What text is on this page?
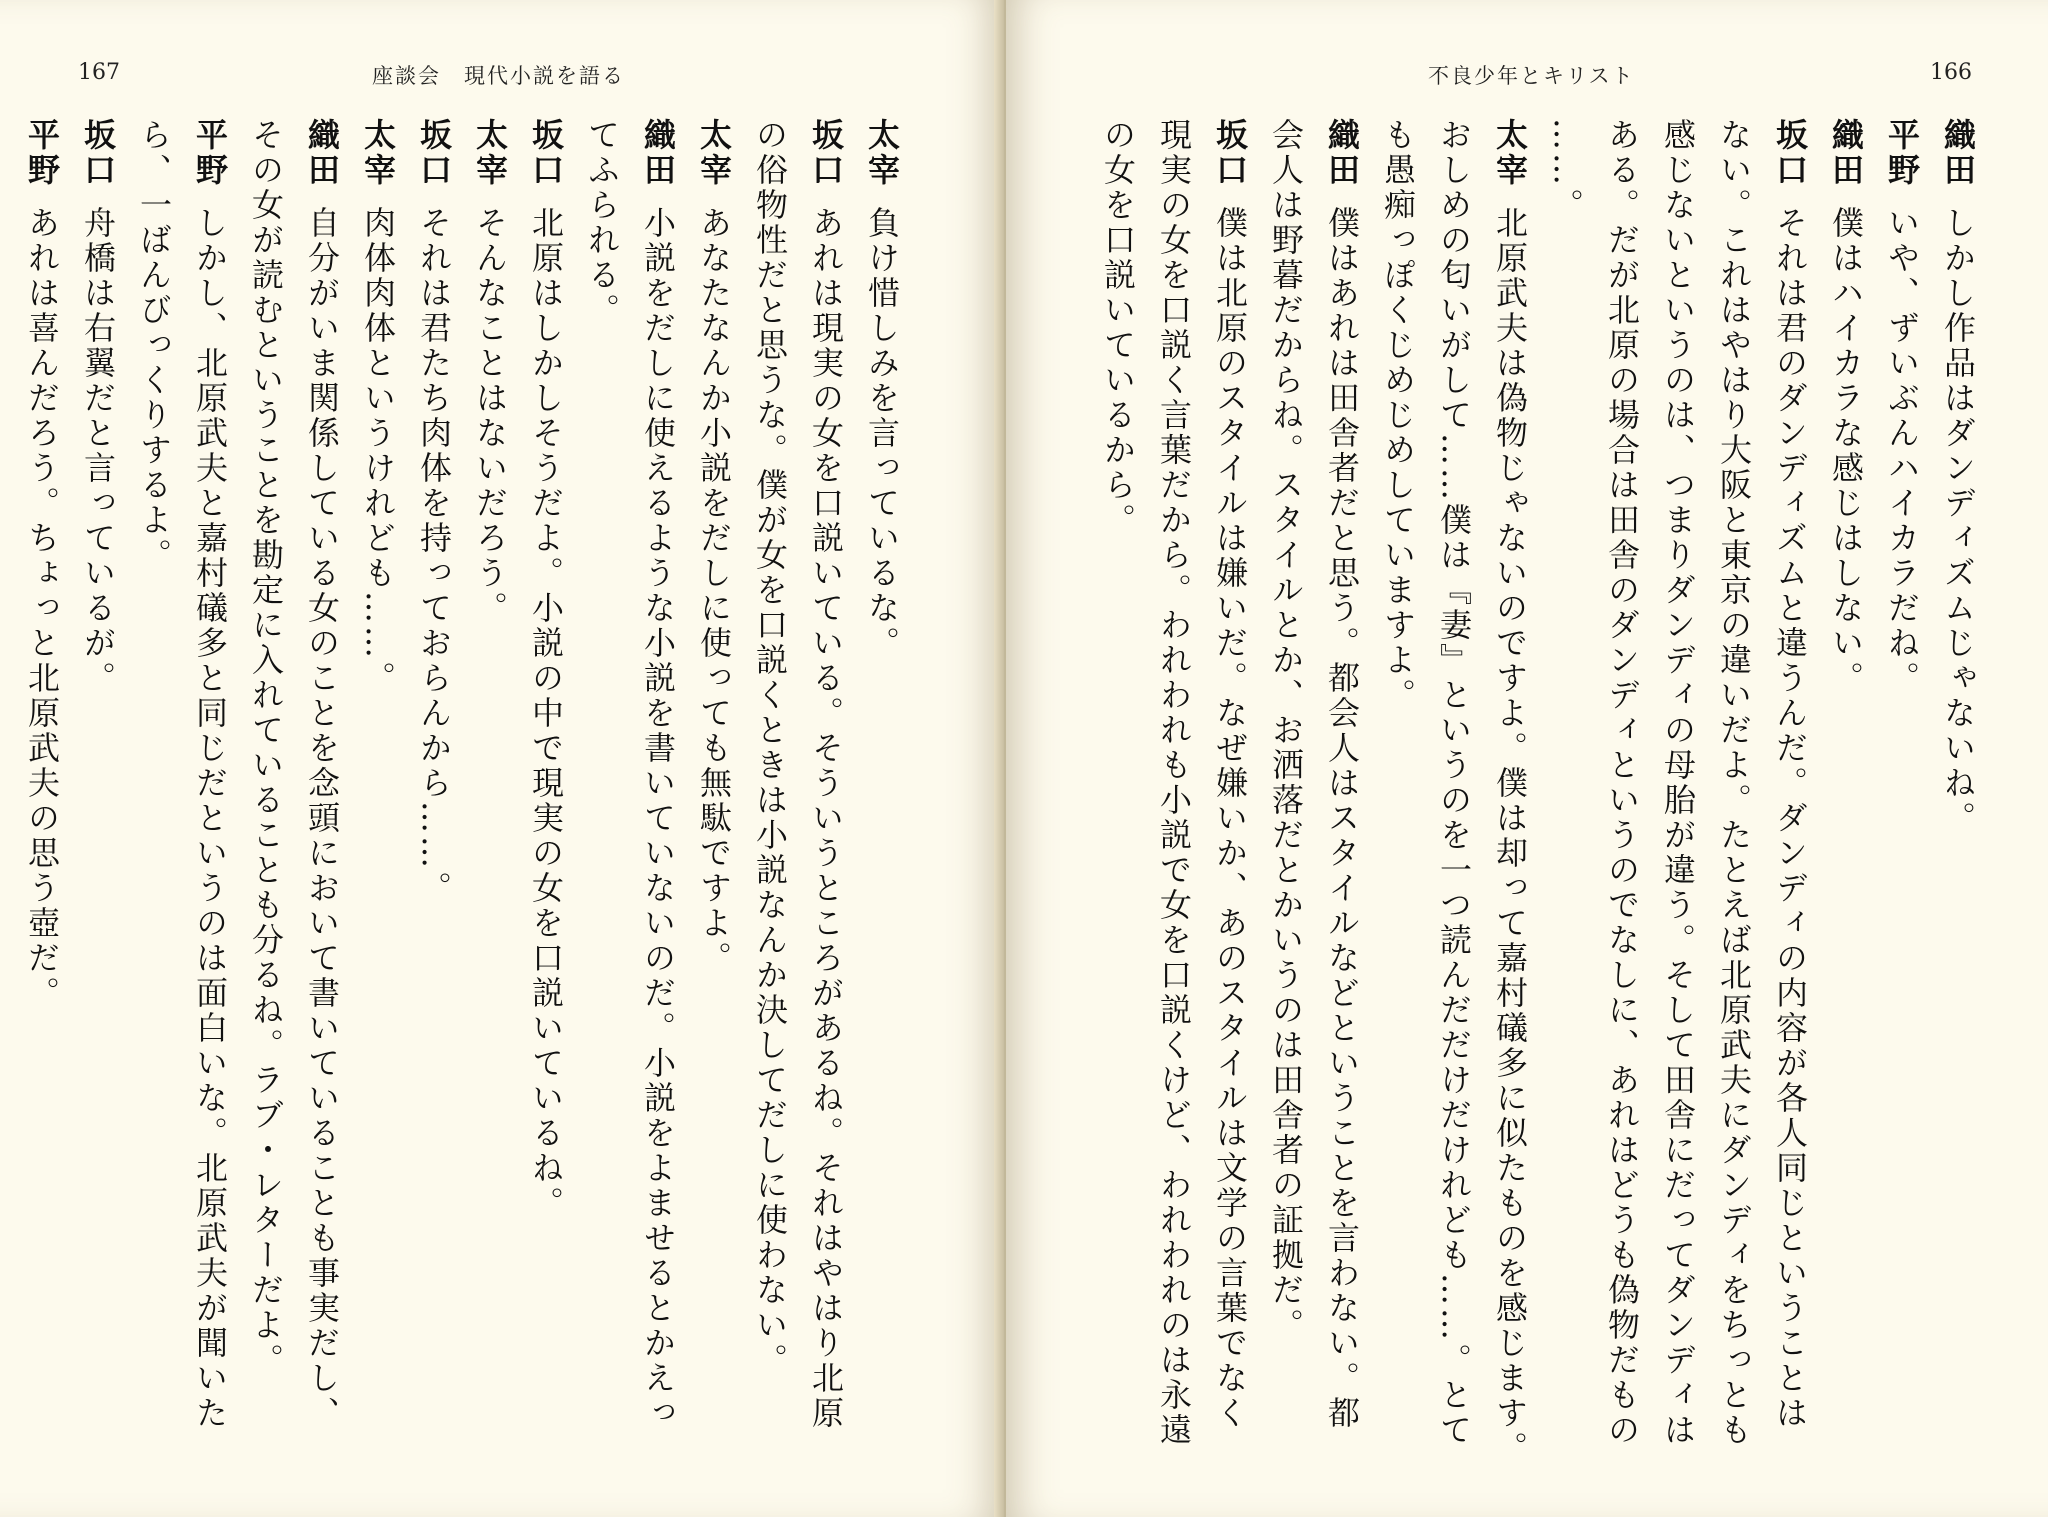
167	座談会　現代小説を語る
太宰負け惜しみを言っているな。
坂口あれは現実の女を口説いている。そういうところがあるね。それはやはり北原
の俗物性だと思うな。僕が女を口説くときは小説なんか決してだしに使わない。
太宰あなたなんか小説をだしに使っても無駄ですよ。
織田小説をだしに使えるような小説を書いていないのだ。小説をよませるとかえっ
てふられる。
坂口北原はしかしそうだよ。小説の中で現実の女を口説いているね。
太宰そんなことはないだろう。
坂口それは君たち肉体を持っておらんから……。
太宰肉体肉体というけれども……。
織田自分がいま関係している女のことを念頭において書いていることも事実だし、
その女が読むということを勘定に入れていることも分るね。ラブ・レターだよ。
平野しかし、北原武夫と嘉村礒多と同じだというのは面白いな。北原武夫が聞いた
ら、一ばんびっくりするよ。
坂口舟橋は右翼だと言っているが。
平野あれは喜んだろう。ちょっと北原武夫の思う壺だ。
不良少年とキリスト	166
織田しかし作品はダンディズムじゃないね。
平野いや、ずいぶんハイカラだね。
織田僕はハイカラな感じはしない。
坂口それは君のダンディズムと違うんだ。ダンディの内容が各人同じということは
ない。これはやはり大阪と東京の違いだよ。たとえば北原武夫にダンディをちっとも
感じないというのは、つまりダンディの母胎が違う。そして田舎にだってダンディは
ある。だが北原の場合は田舎のダンディというのでなしに、あれはどうも偽物だもの
……。
太宰北原武夫は偽物じゃないのですよ。僕は却って嘉村礒多に似たものを感じます。
おしめの匂いがして……僕は『妻』というのを一つ読んだだけだけれども……。とて
も愚痴っぽくじめじめしていますよ。
織田僕はあれは田舎者だと思う。都会人はスタイルなどということを言わない。都
会人は野暮だからね。スタイルとか、お洒落だとかいうのは田舎者の証拠だ。
坂口僕は北原のスタイルは嫌いだ。なぜ嫌いか、あのスタイルは文学の言葉でなく
現実の女を口説く言葉だから。われわれも小説で女を口説くけど、われわれのは永遠
の女を口説いているから。
